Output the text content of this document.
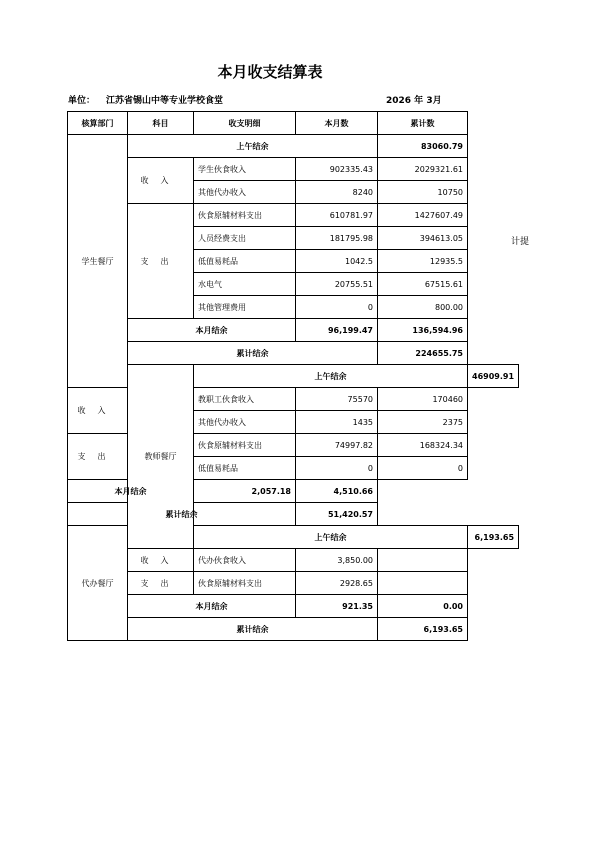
本月收支结算表
单位： 江苏省锡山中等专业学校食堂	2026 年 3月
计提
核算部门	科目	收支明细	本月数	累计数	
学生餐厅	上午结余			83060.79	
	收入	学生伙食收入	902335.43	2029321.61	
		其他代办收入	8240	10750	
	支出	伙食原辅材料支出	610781.97	1427607.49	
		人员经费支出	181795.98	394613.05	
		低值易耗品	1042.5	12935.5	
		水电气	20755.51	67515.61	
		其他管理费用	0	800.00	
	本月结余		96,199.47	136,594.96	
	累计结余			224655.75	
	教师餐厅	上午结余			46909.91
收入		教职工伙食收入	75570	170460	
		其他代办收入	1435	2375	
支出		伙食原辅材料支出	74997.82	168324.34	
		低值易耗品	0	0	
本月结余		2,057.18	4,510.66		
累计结余			51,420.57		
代办餐厅		上午结余			6,193.65
	收入	代办伙食收入	3,850.00		
	支出	伙食原辅材料支出	2928.65		
	本月结余		921.35	0.00	
	累计结余			6,193.65	
